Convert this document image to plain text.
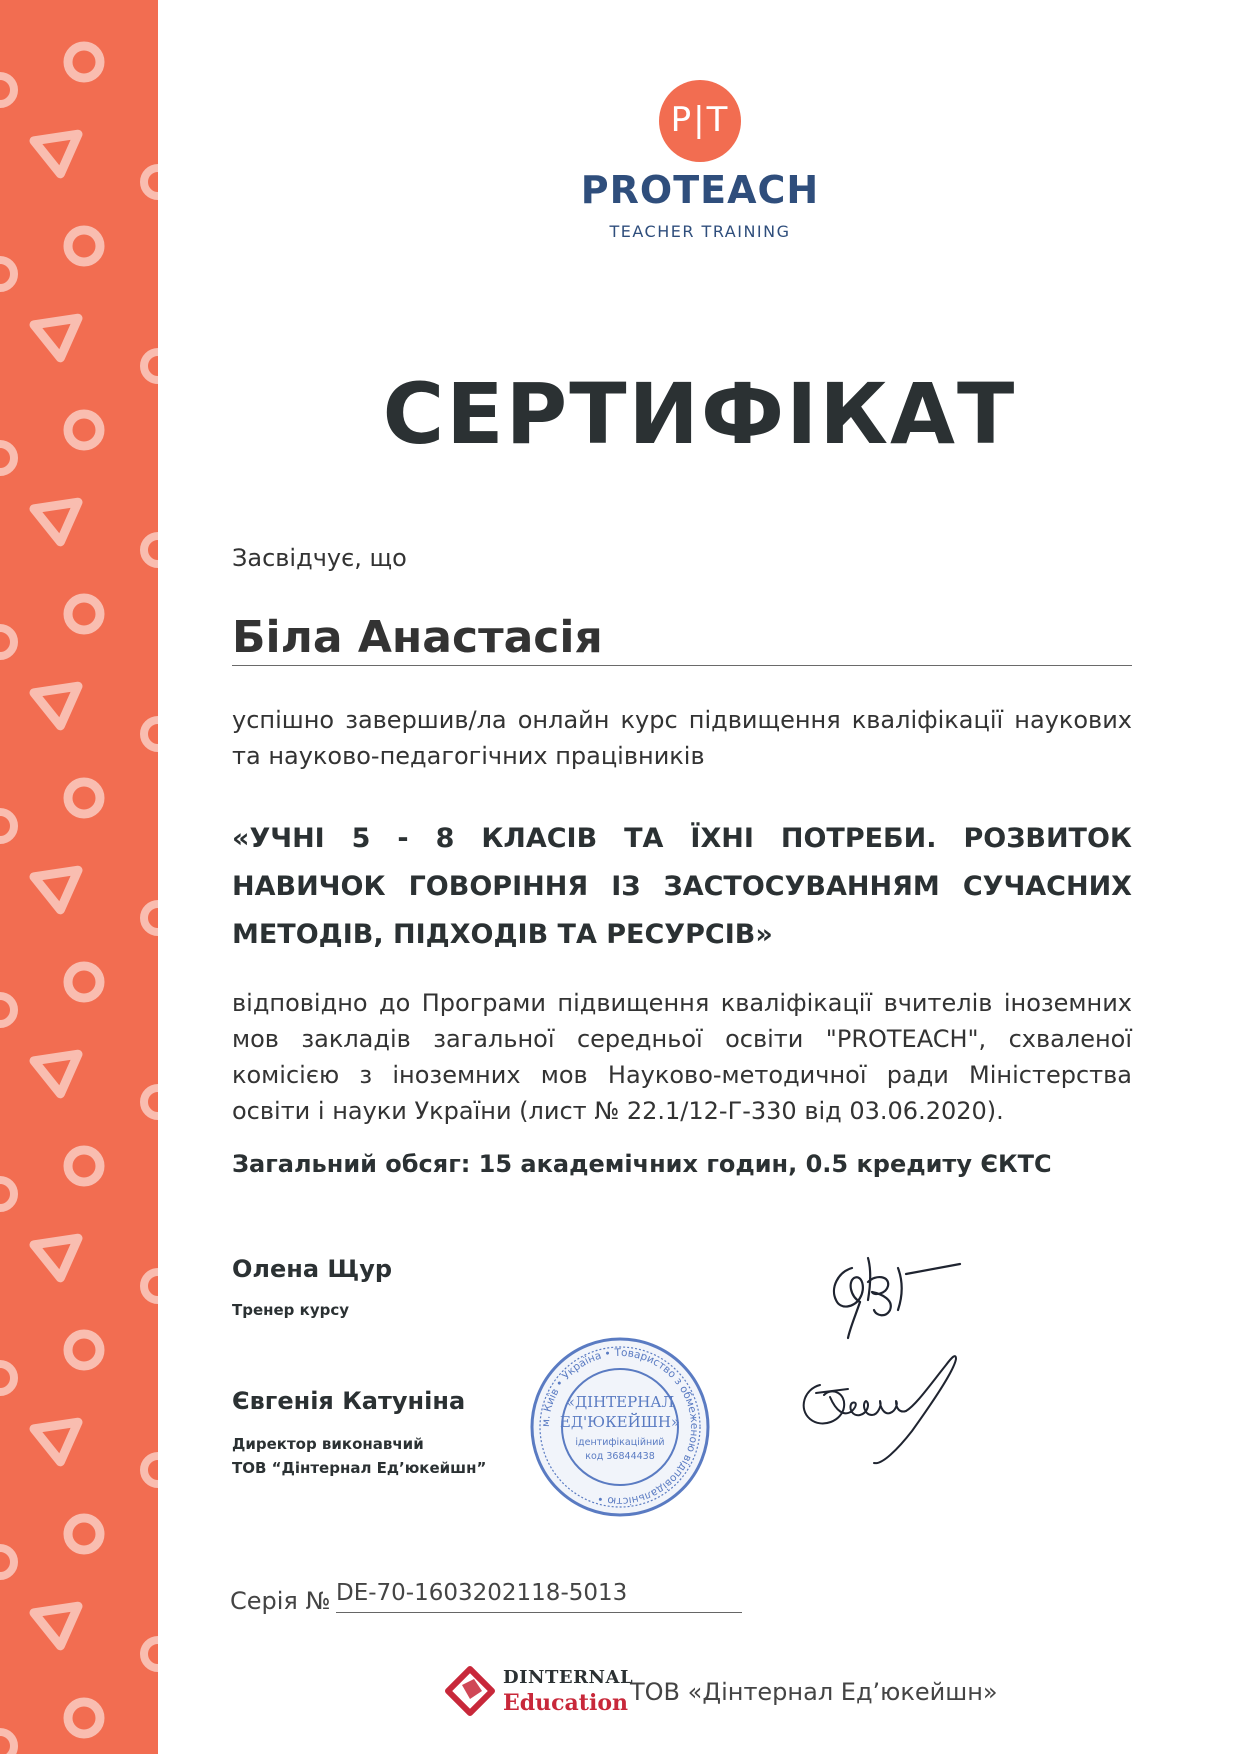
P|T
PROTEACH
TEACHER TRAINING
СЕРТИФІКАТ
Засвідчує, що
Біла Анастасія
успішно завершив/ла онлайн курс підвищення кваліфікації наукових та науково-педагогічних працівників
«УЧНІ 5 - 8 КЛАСІВ ТА ЇХНІ ПОТРЕБИ. РОЗВИТОК НАВИЧОК ГОВОРІННЯ ІЗ ЗАСТОСУВАННЯМ СУЧАСНИХ МЕТОДІВ, ПІДХОДІВ ТА РЕСУРСІВ»
відповідно до Програми підвищення кваліфікації вчителів іноземних мов закладів загальної середньої освіти "PROTEACH", схваленої комісією з іноземних мов Науково-методичної ради Міністерства освіти і науки України (лист № 22.1/12-Г-330 від 03.06.2020).
Загальний обсяг: 15 академічних годин, 0.5 кредиту ЄКТС
Олена Щур
Тренер курсу
Євгенія Катуніна
Директор виконавчий
ТОВ “Дінтернал Ед’юкейшн”
м. Київ • Україна • Товариство з обмеженою відповідальністю •
«ДІНТЕРНАЛ
ЕД'ЮКЕЙШН»
ідентифікаційний
код 36844438
Серія № DE-70-1603202118-5013
DINTERNAL
Education ТОВ «Дінтернал Ед’юкейшн»
